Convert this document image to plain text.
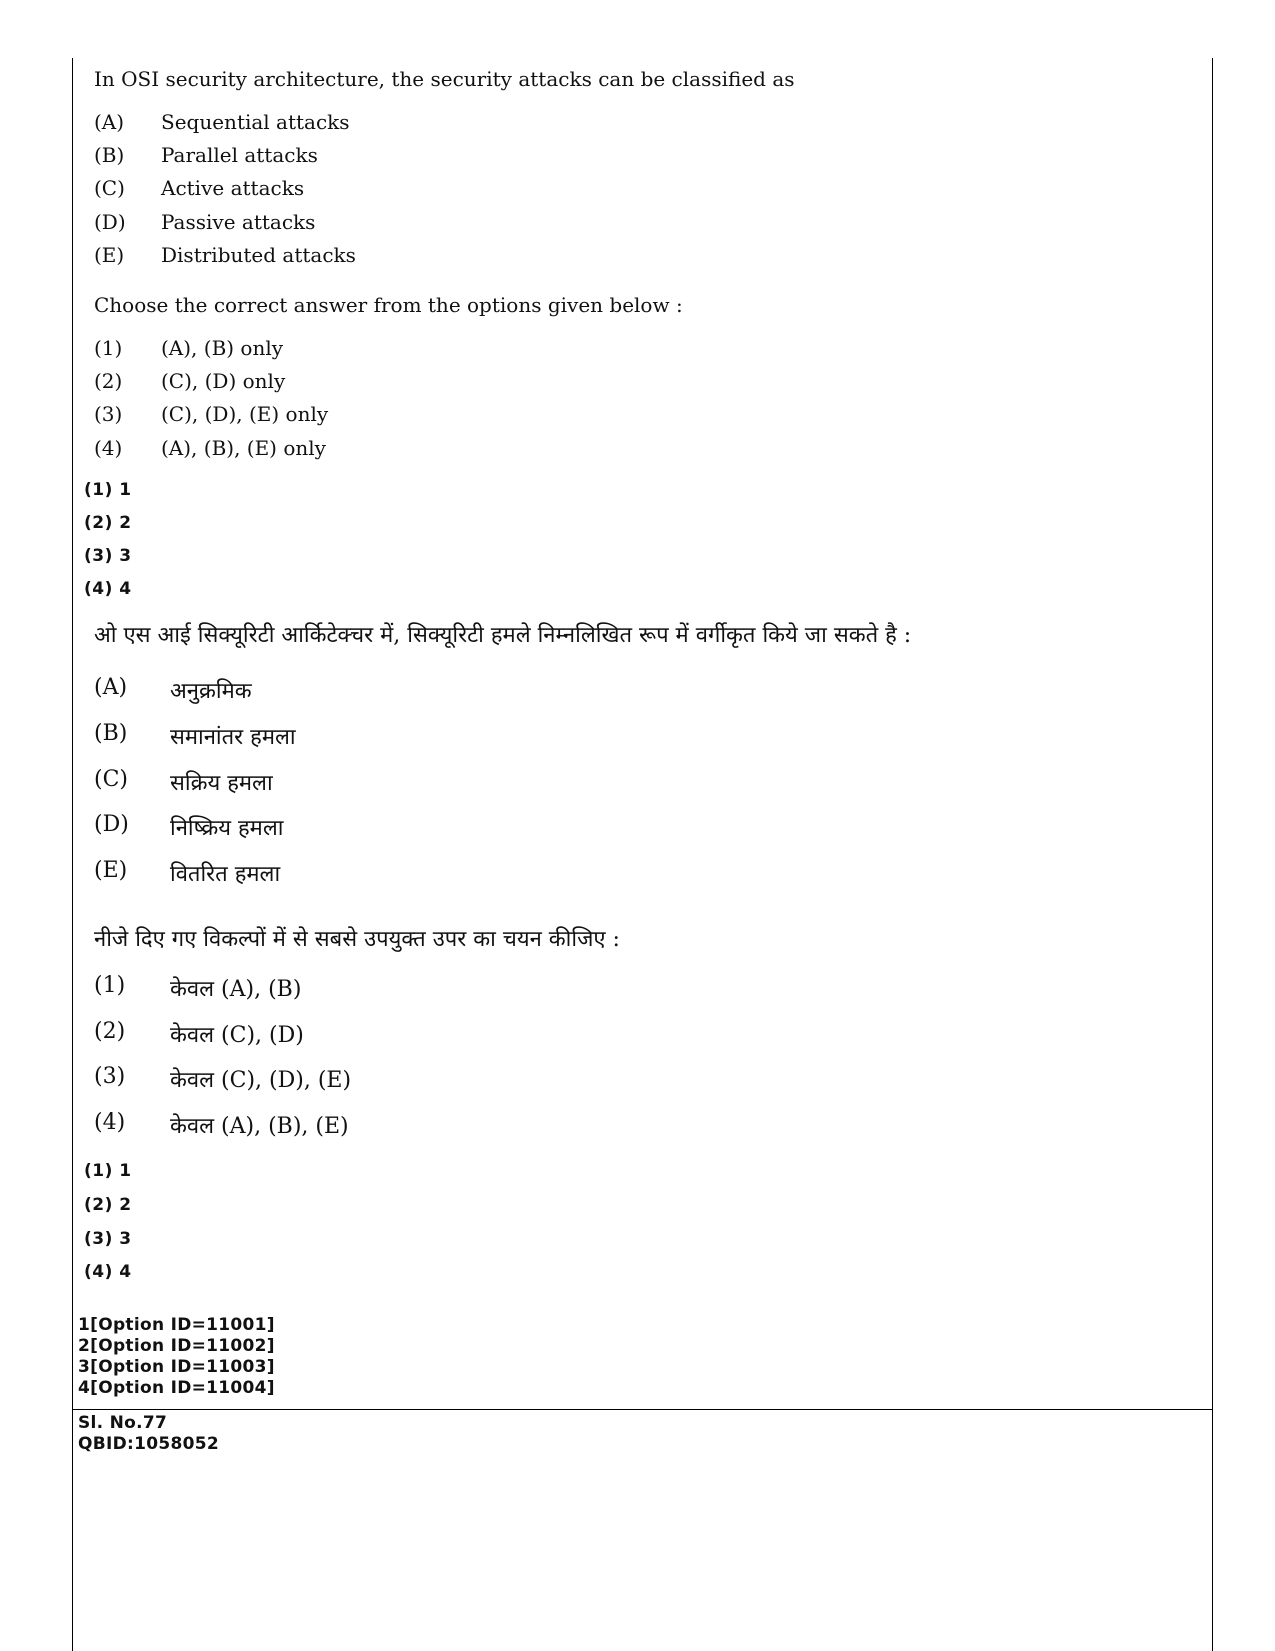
In OSI security architecture, the security attacks can be classified as
(A) Sequential attacks
(B) Parallel attacks
(C) Active attacks
(D) Passive attacks
(E) Distributed attacks
Choose the correct answer from the options given below :
(1) (A), (B) only
(2) (C), (D) only
(3) (C), (D), (E) only
(4) (A), (B), (E) only
(1) 1
(2) 2
(3) 3
(4) 4
ओ एस आई सिक्यूरिटी आर्किटेक्चर में, सिक्यूरिटी हमले निम्नलिखित रूप में वर्गीकृत किये जा सकते है :
(A) अनुक्रमिक
(B) समानांतर हमला
(C) सक्रिय हमला
(D) निष्क्रिय हमला
(E) वितरित हमला
नीजे दिए गए विकल्पों में से सबसे उपयुक्त उपर का चयन कीजिए :
(1) केवल (A), (B)
(2) केवल (C), (D)
(3) केवल (C), (D), (E)
(4) केवल (A), (B), (E)
(1) 1
(2) 2
(3) 3
(4) 4
1[Option ID=11001]
2[Option ID=11002]
3[Option ID=11003]
4[Option ID=11004]
Sl. No.77
QBID:1058052
